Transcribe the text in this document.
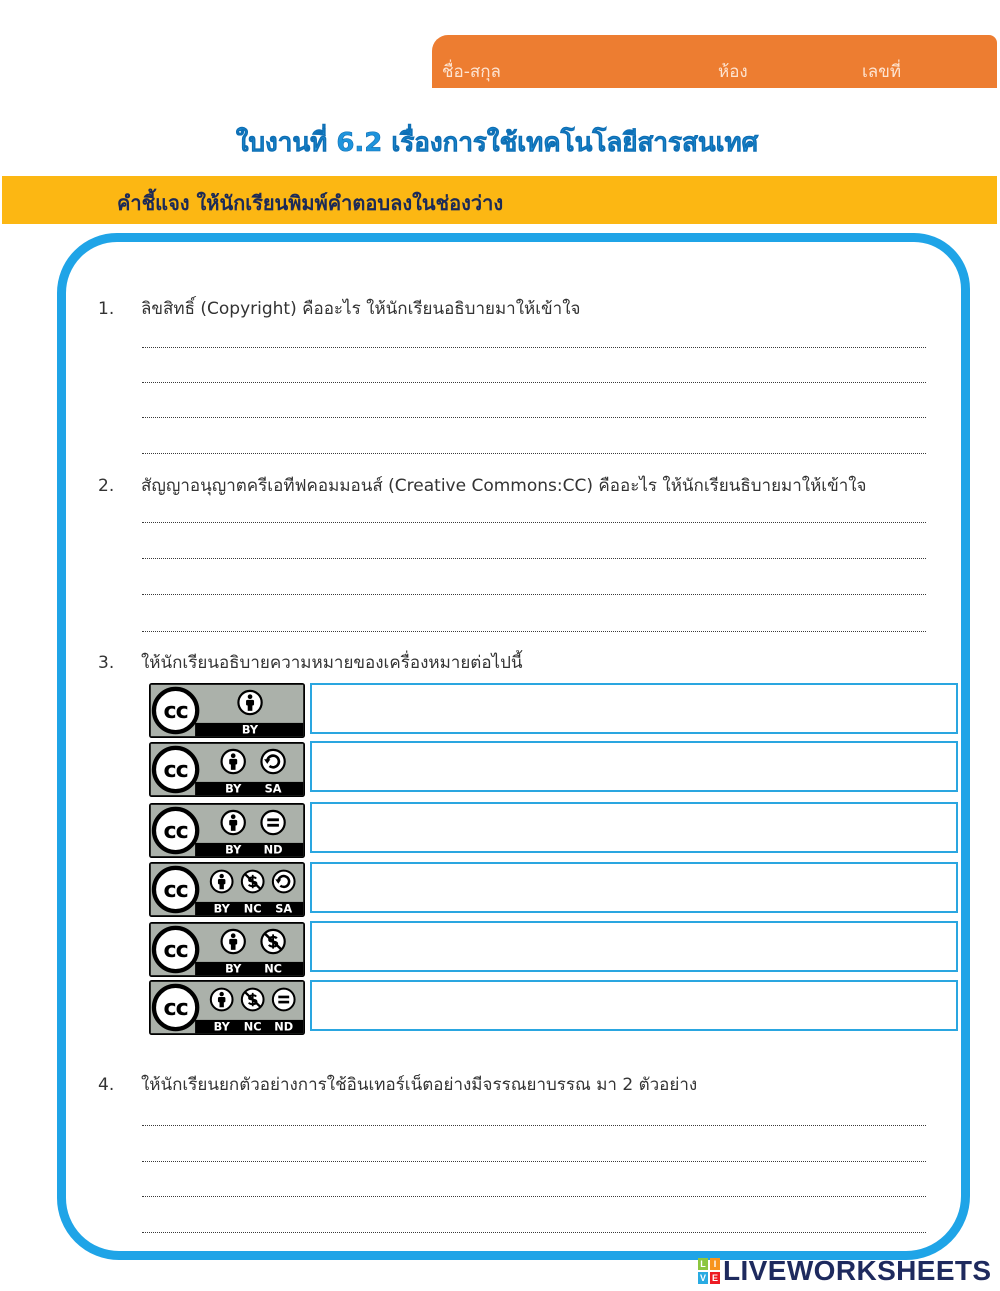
ชื่อ-สกุล	ห้อง	เลขที่
ใบงานที่ 6.2 เรื่องการใช้เทคโนโลยีสารสนเทศ
คำชี้แจง ให้นักเรียนพิมพ์คำตอบลงในช่องว่าง
1. ลิขสิทธิ์ (Copyright) คืออะไร ให้นักเรียนอธิบายมาให้เข้าใจ
2. สัญญาอนุญาตครีเอทีฟคอมมอนส์ (Creative Commons:CC) คืออะไร ให้นักเรียนธิบายมาให้เข้าใจ
3. ให้นักเรียนอธิบายความหมายของเครื่องหมายต่อไปนี้
cc
BY
cc
BY	SA
cc
BY	ND
cc
BY NC SA
cc
BY	NC
cc
BY NC ND
4. ให้นักเรียนยกตัวอย่างการใช้อินเทอร์เน็ตอย่างมีจรรณยาบรรณ มา 2 ตัวอย่าง
L I
V E LIVEWORKSHEETS
